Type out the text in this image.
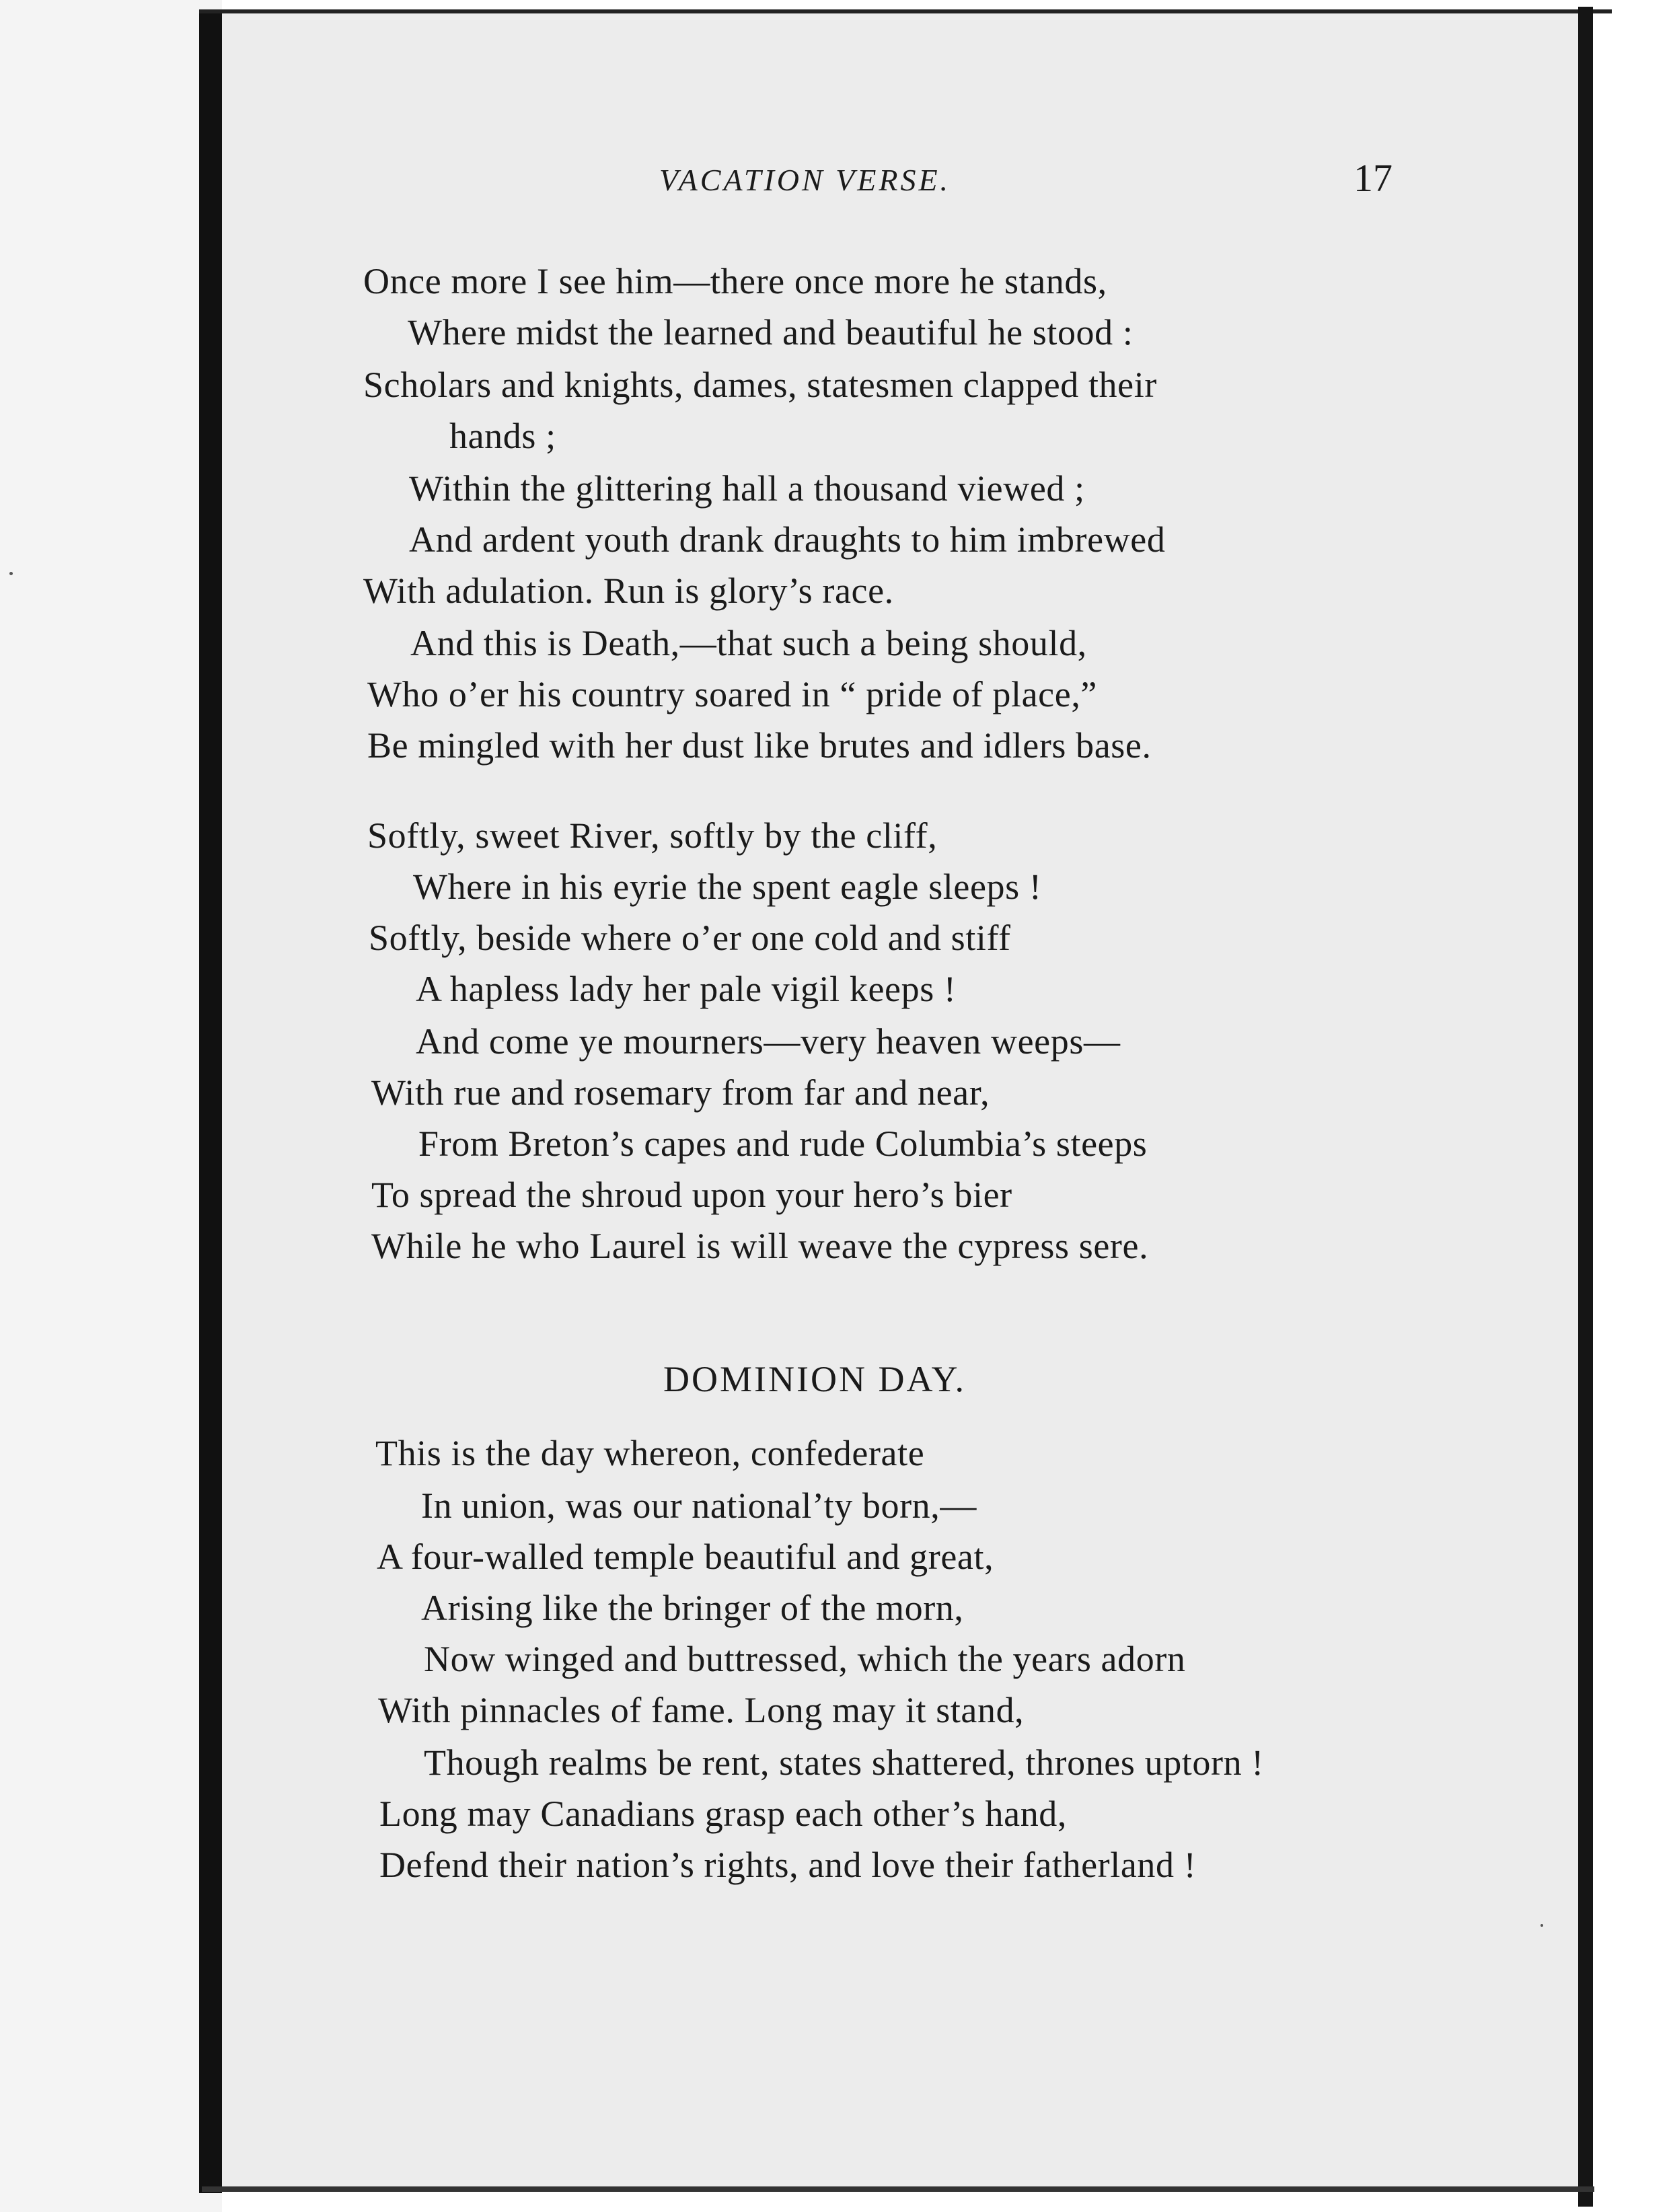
VACATION VERSE.	17
Once more I see him—there once more he stands,
Where midst the learned and beautiful he stood :
Scholars and knights, dames, statesmen clapped their
hands ;
Within the glittering hall a thousand viewed ;
And ardent youth drank draughts to him imbrewed
With adulation. Run is glory’s race.
And this is Death,—that such a being should,
Who o’er his country soared in “ pride of place,”
Be mingled with her dust like brutes and idlers base.
Softly, sweet River, softly by the cliff,
Where in his eyrie the spent eagle sleeps !
Softly, beside where o’er one cold and stiff
A hapless lady her pale vigil keeps !
And come ye mourners—very heaven weeps—
With rue and rosemary from far and near,
From Breton’s capes and rude Columbia’s steeps
To spread the shroud upon your hero’s bier
While he who Laurel is will weave the cypress sere.
DOMINION DAY.
This is the day whereon, confederate
In union, was our national’ty born,—
A four-walled temple beautiful and great,
Arising like the bringer of the morn,
Now winged and buttressed, which the years adorn
With pinnacles of fame. Long may it stand,
Though realms be rent, states shattered, thrones uptorn !
Long may Canadians grasp each other’s hand,
Defend their nation’s rights, and love their fatherland !
